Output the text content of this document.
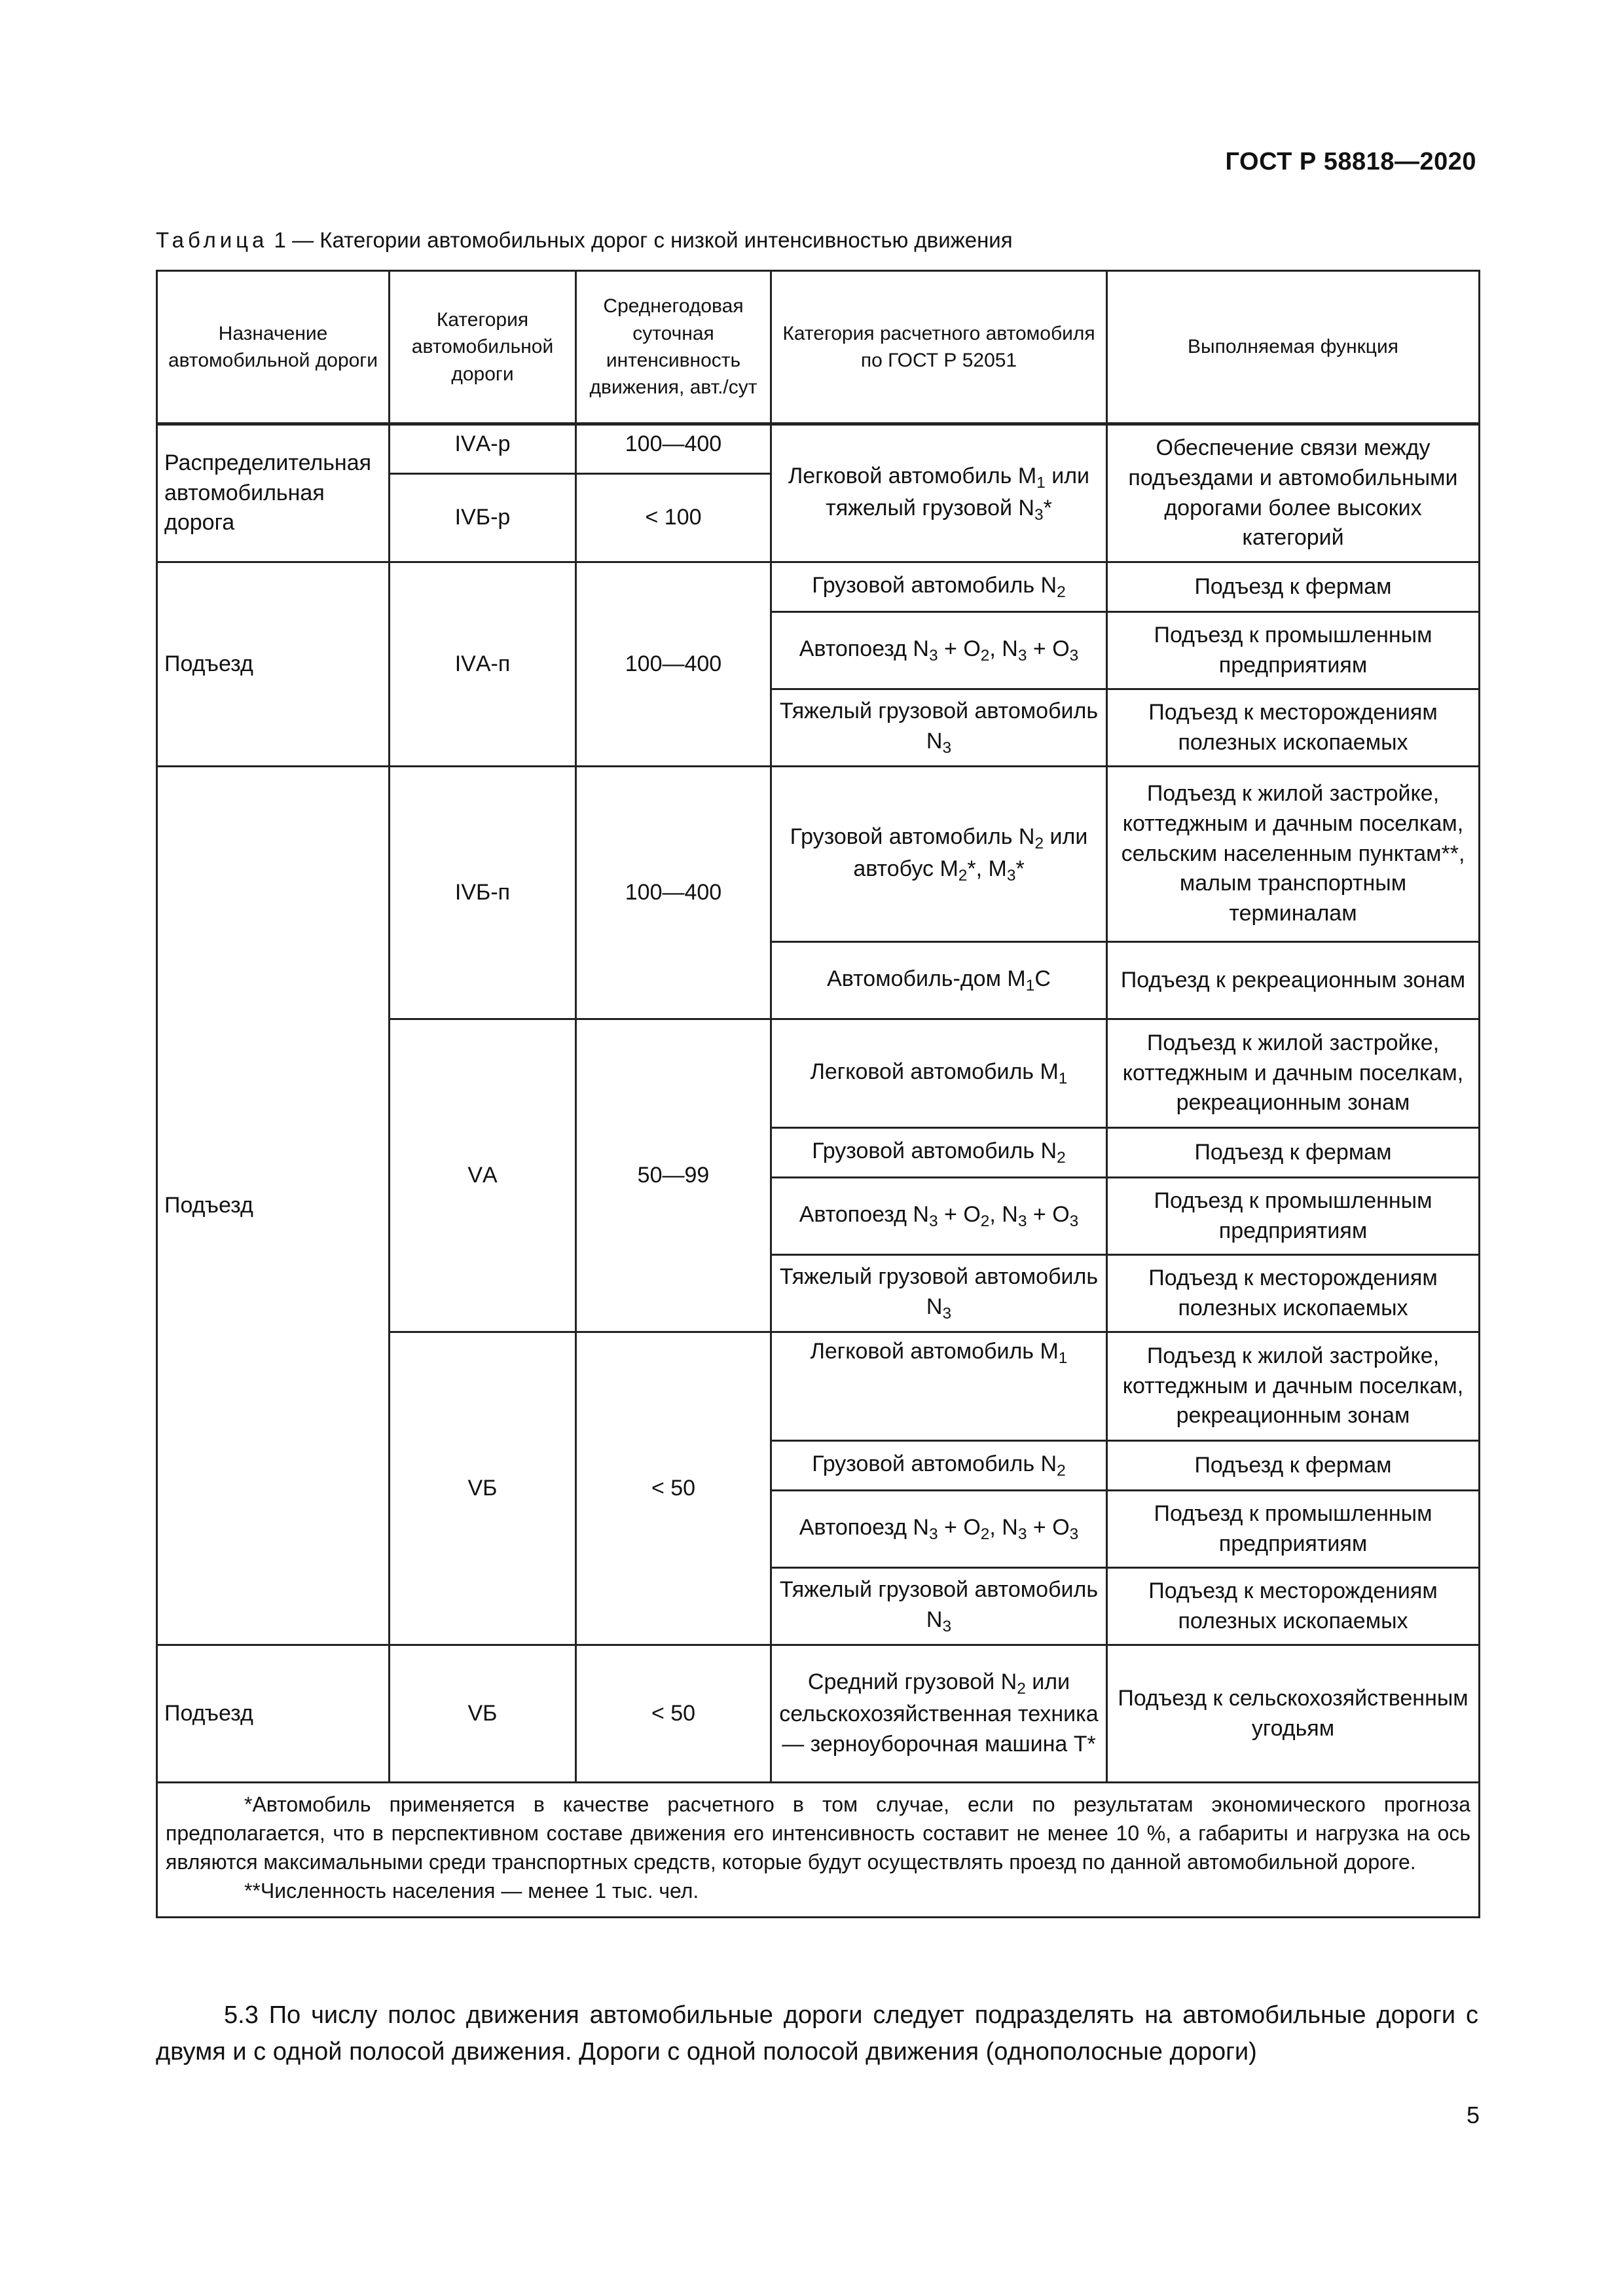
ГОСТ Р 58818—2020
Таблица 1 — Категории автомобильных дорог с низкой интенсивностью движения
Назначение автомобильной дороги	Категория автомобильной дороги	Среднегодовая суточная интенсивность движения, авт./сут	Категория расчетного автомобиля по ГОСТ Р 52051	Выполняемая функция
Распределительная автомобильная дорога	IVА-р	100—400	Легковой автомобиль $M_1$ или тяжелый грузовой $N_3*$	Обеспечение связи между подъездами и автомобильными дорогами более высоких категорий
	IVБ-р	< 100		
Подъезд	IVА-п	100—400	Грузовой автомобиль $N_2$	Подъезд к фермам
			Автопоезд $N_3 + O_2$, $N_3 + O_3$	Подъезд к промышленным предприятиям
			Тяжелый грузовой автомобиль $N_3$	Подъезд к месторождениям полезных ископаемых
Подъезд	IVБ-п	100—400	Грузовой автомобиль $N_2$ или автобус $M_2*$, $M_3*$	Подъезд к жилой застройке, коттеджным и дачным поселкам, сельским населенным пунктам**, малым транспортным терминалам
			Автомобиль-дом $M_1C$	Подъезд к рекреационным зонам
	VА	50—99	Легковой автомобиль $M_1$	Подъезд к жилой застройке, коттеджным и дачным поселкам, рекреационным зонам
			Грузовой автомобиль $N_2$	Подъезд к фермам
			Автопоезд $N_3 + O_2$, $N_3 + O_3$	Подъезд к промышленным предприятиям
			Тяжелый грузовой автомобиль $N_3$	Подъезд к месторождениям полезных ископаемых
	VБ	< 50	Легковой автомобиль $M_1$	Подъезд к жилой застройке, коттеджным и дачным поселкам, рекреационным зонам
			Грузовой автомобиль $N_2$	Подъезд к фермам
			Автопоезд $N_3 + O_2$, $N_3 + O_3$	Подъезд к промышленным предприятиям
			Тяжелый грузовой автомобиль $N_3$	Подъезд к месторождениям полезных ископаемых
Подъезд	VБ	< 50	Средний грузовой $N_2$ или сельскохозяйственная техника — зерноуборочная машина T*	Подъезд к сельскохозяйственным угодьям

*Автомобиль применяется в качестве расчетного в том случае, если по результатам экономического прогноза предполагается, что в перспективном составе движения его интенсивность составит не менее 10 %, а габариты и нагрузка на ось являются максимальными среди транспортных средств, которые будут осуществлять проезд по данной автомобильной дороге.

**Численность населения — менее 1 тыс. чел.				

5.3 По числу полос движения автомобильные дороги следует подразделять на автомобильные дороги с двумя и с одной полосой движения. Дороги с одной полосой движения (однополосные дороги)

5
